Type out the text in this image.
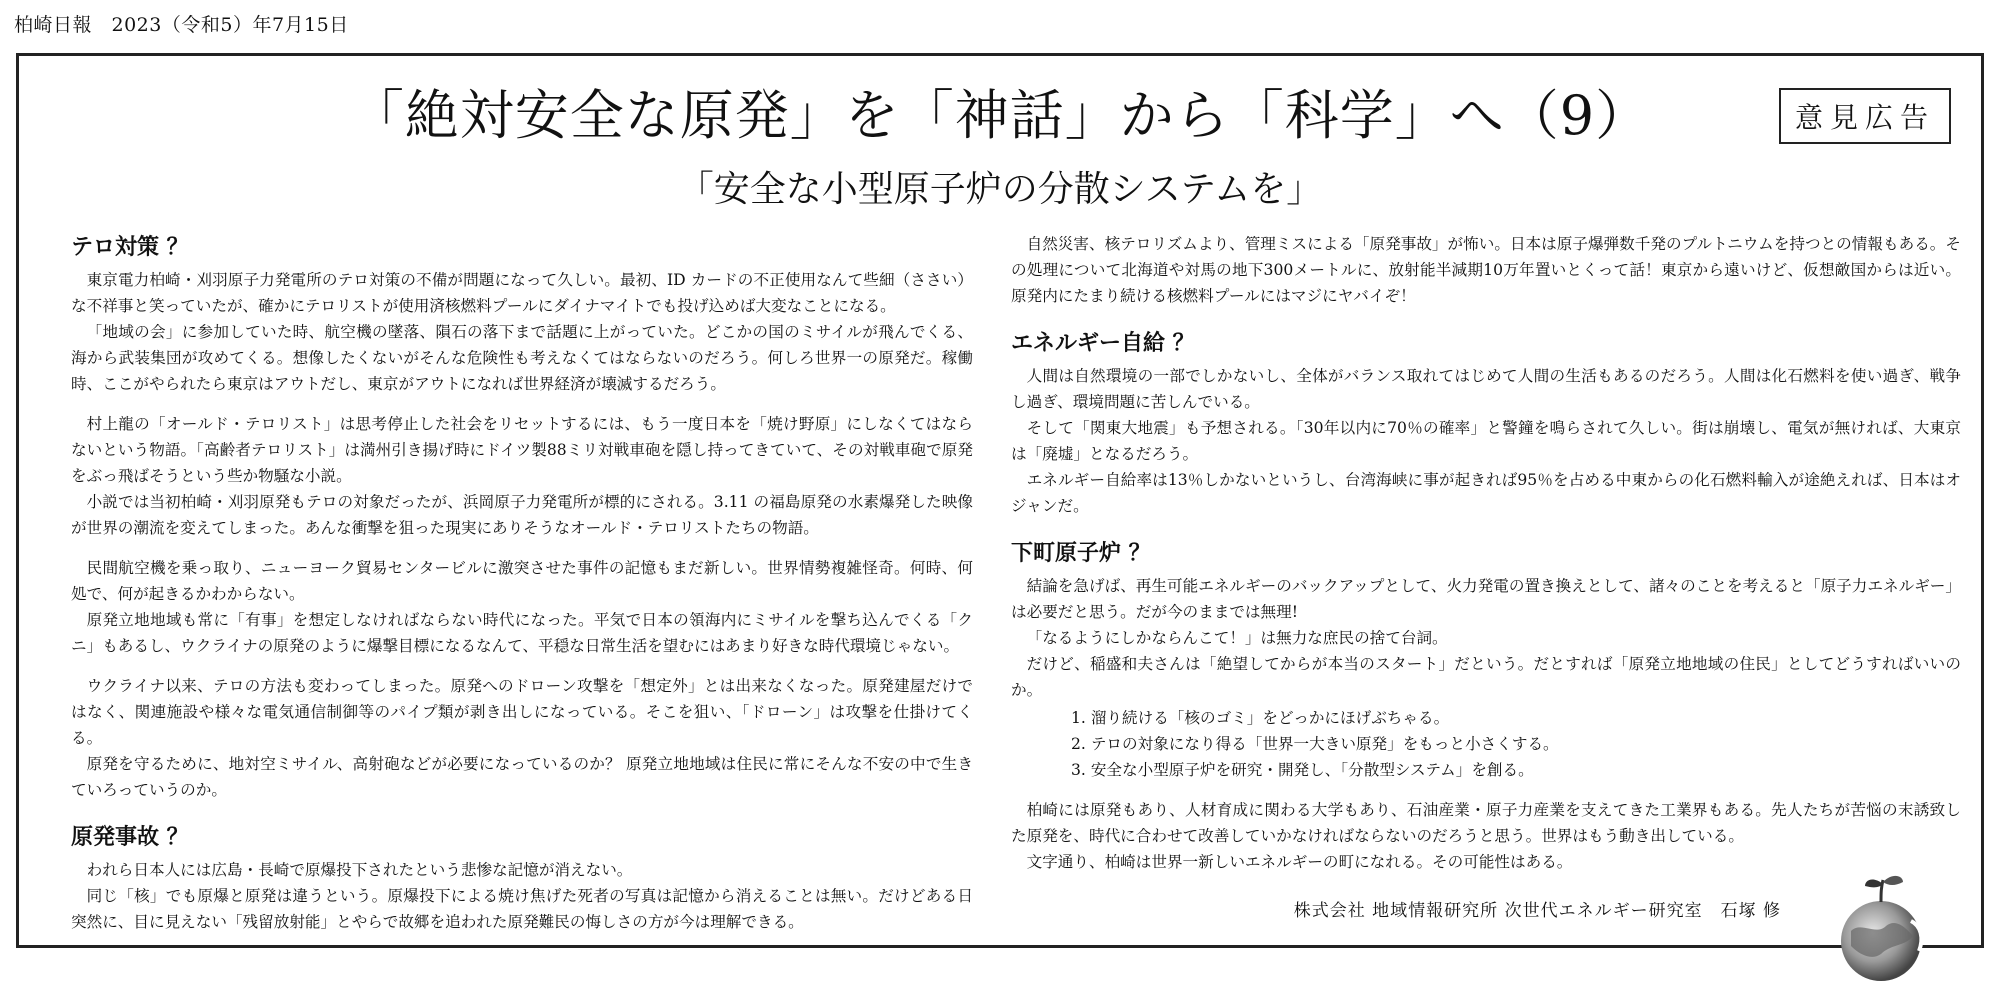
柏崎日報　2023（令和5）年7月15日
「絶対安全な原発」を「神話」から「科学」へ（9）
「安全な小型原子炉の分散システムを」
意見広告
テロ対策 ？

東京電力柏崎・刈羽原子力発電所のテロ対策の不備が問題になって久しい。最初、ID カードの不正使用なんて些細（ささい）な不祥事と笑っていたが、確かにテロリストが使用済核燃料プールにダイナマイトでも投げ込めば大変なことになる。

「地域の会」に参加していた時、航空機の墜落、隕石の落下まで話題に上がっていた。どこかの国のミサイルが飛んでくる、海から武装集団が攻めてくる。想像したくないがそんな危険性も考えなくてはならないのだろう。何しろ世界一の原発だ。稼働時、ここがやられたら東京はアウトだし、東京がアウトになれば世界経済が壊滅するだろう。

村上龍の「オールド・テロリスト」は思考停止した社会をリセットするには、もう一度日本を「焼け野原」にしなくてはならないという物語。「高齢者テロリスト」は満州引き揚げ時にドイツ製88ミリ対戦車砲を隠し持ってきていて、その対戦車砲で原発をぶっ飛ばそうという些か物騒な小説。

小説では当初柏崎・刈羽原発もテロの対象だったが、浜岡原子力発電所が標的にされる。3.11 の福島原発の水素爆発した映像が世界の潮流を変えてしまった。あんな衝撃を狙った現実にありそうなオールド・テロリストたちの物語。

民間航空機を乗っ取り、ニューヨーク貿易センタービルに激突させた事件の記憶もまだ新しい。世界情勢複雑怪奇。何時、何処で、何が起きるかわからない。

原発立地地域も常に「有事」を想定しなければならない時代になった。平気で日本の領海内にミサイルを撃ち込んでくる「クニ」もあるし、ウクライナの原発のように爆撃目標になるなんて、平穏な日常生活を望むにはあまり好きな時代環境じゃない。

ウクライナ以来、テロの方法も変わってしまった。原発へのドローン攻撃を「想定外」とは出来なくなった。原発建屋だけではなく、関連施設や様々な電気通信制御等のパイプ類が剥き出しになっている。そこを狙い、「ドローン」は攻撃を仕掛けてくる。

原発を守るために、地対空ミサイル、高射砲などが必要になっているのか？ 原発立地地域は住民に常にそんな不安の中で生きていろっていうのか。

原発事故 ？

われら日本人には広島・長崎で原爆投下されたという悲惨な記憶が消えない。

同じ「核」でも原爆と原発は違うという。原爆投下による焼け焦げた死者の写真は記憶から消えることは無い。だけどある日突然に、目に見えない「残留放射能」とやらで故郷を追われた原発難民の悔しさの方が今は理解できる。

自然災害、核テロリズムより、管理ミスによる「原発事故」が怖い。日本は原子爆弾数千発のプルトニウムを持つとの情報もある。その処理について北海道や対馬の地下300メートルに、放射能半減期10万年置いとくって話！東京から遠いけど、仮想敵国からは近い。原発内にたまり続ける核燃料プールにはマジにヤバイぞ！

エネルギー自給 ？

人間は自然環境の一部でしかないし、全体がバランス取れてはじめて人間の生活もあるのだろう。人間は化石燃料を使い過ぎ、戦争し過ぎ、環境問題に苦しんでいる。

そして「関東大地震」も予想される。「30年以内に70％の確率」と警鐘を鳴らされて久しい。街は崩壊し、電気が無ければ、大東京は「廃墟」となるだろう。

エネルギー自給率は13％しかないというし、台湾海峡に事が起きれば95％を占める中東からの化石燃料輸入が途絶えれば、日本はオジャンだ。

下町原子炉 ？

結論を急げば、再生可能エネルギーのバックアップとして、火力発電の置き換えとして、諸々のことを考えると「原子力エネルギー」は必要だと思う。だが今のままでは無理!

「なるようにしかならんこて！」は無力な庶民の捨て台詞。

だけど、稲盛和夫さんは「絶望してからが本当のスタート」だという。だとすれば「原発立地地域の住民」としてどうすればいいのか。

1. 溜り続ける「核のゴミ」をどっかにほげぶちゃる。
2. テロの対象になり得る「世界一大きい原発」をもっと小さくする。
3. 安全な小型原子炉を研究・開発し、「分散型システム」を創る。

柏崎には原発もあり、人材育成に関わる大学もあり、石油産業・原子力産業を支えてきた工業界もある。先人たちが苦悩の末誘致した原発を、時代に合わせて改善していかなければならないのだろうと思う。世界はもう動き出している。

文字通り、柏崎は世界一新しいエネルギーの町になれる。その可能性はある。

株式会社 地域情報研究所 次世代エネルギー研究室　石塚 修
